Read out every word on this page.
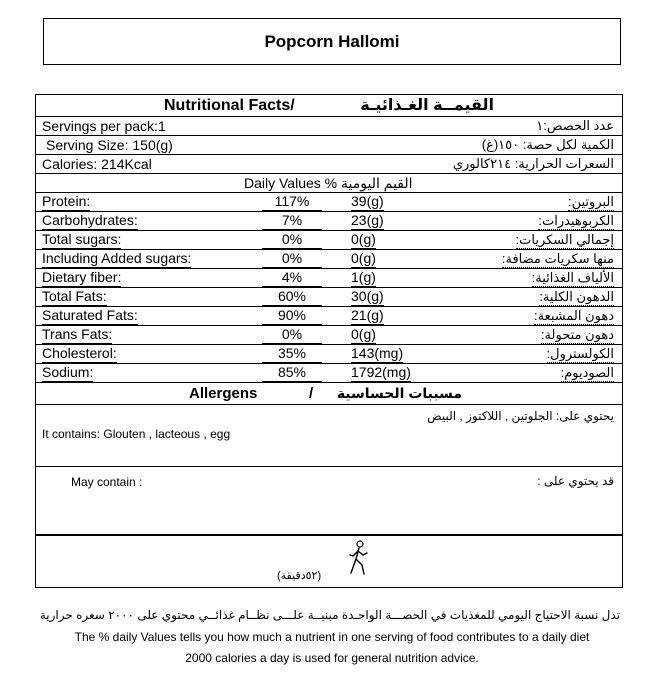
Popcorn Hallomi
Nutritional Facts/	القيمــة الغـذائيـة
Servings per pack:1	عدد الحصص:١
Serving Size: 150(g)	الكمية لكل حصة: ١٥٠(غ)
Calories: 214Kcal	السعرات الحرارية: ٢١٤كالوري
Daily Values % القيم اليومية
Protein:	117%	39(g)	البروتين:
Carbohydrates:	7%	23(g)	الكربوهيدرات:
Total sugars:	0%	0(g)	إجمالي السكريات:
Including Added sugars:	0%	0(g)	منها سكريات مضافة:
Dietary fiber:	4%	1(g)	الألياف الغذائية:
Total Fats:	60%	30(g)	الدهون الكلية:
Saturated Fats:	90%	21(g)	دهون المشبعة:
Trans Fats:	0%	0(g)	دهون متحولة:
Cholesterol:	35%	143(mg)	الكولسترول:
Sodium:	85%	1792(mg)	الصوديوم:
Allergens	/ مسببات الحساسية
يحتوي على: الجلوتين , اللاكتوز , البيض
It contains: Glouten , lacteous , egg
May contain :	قد يحتوي على :
(٥٢دقيقة)
تدل نسبة الاحتياج اليومي للمغذيات في الحصـــة الواحـدة مبنيــة علـــى نظــام غذائــي محتوي على ٢٠٠٠ سعره حرارية
The % daily Values tells you how much a nutrient in one serving of food contributes to a daily diet
2000 calories a day is used for general nutrition advice.
